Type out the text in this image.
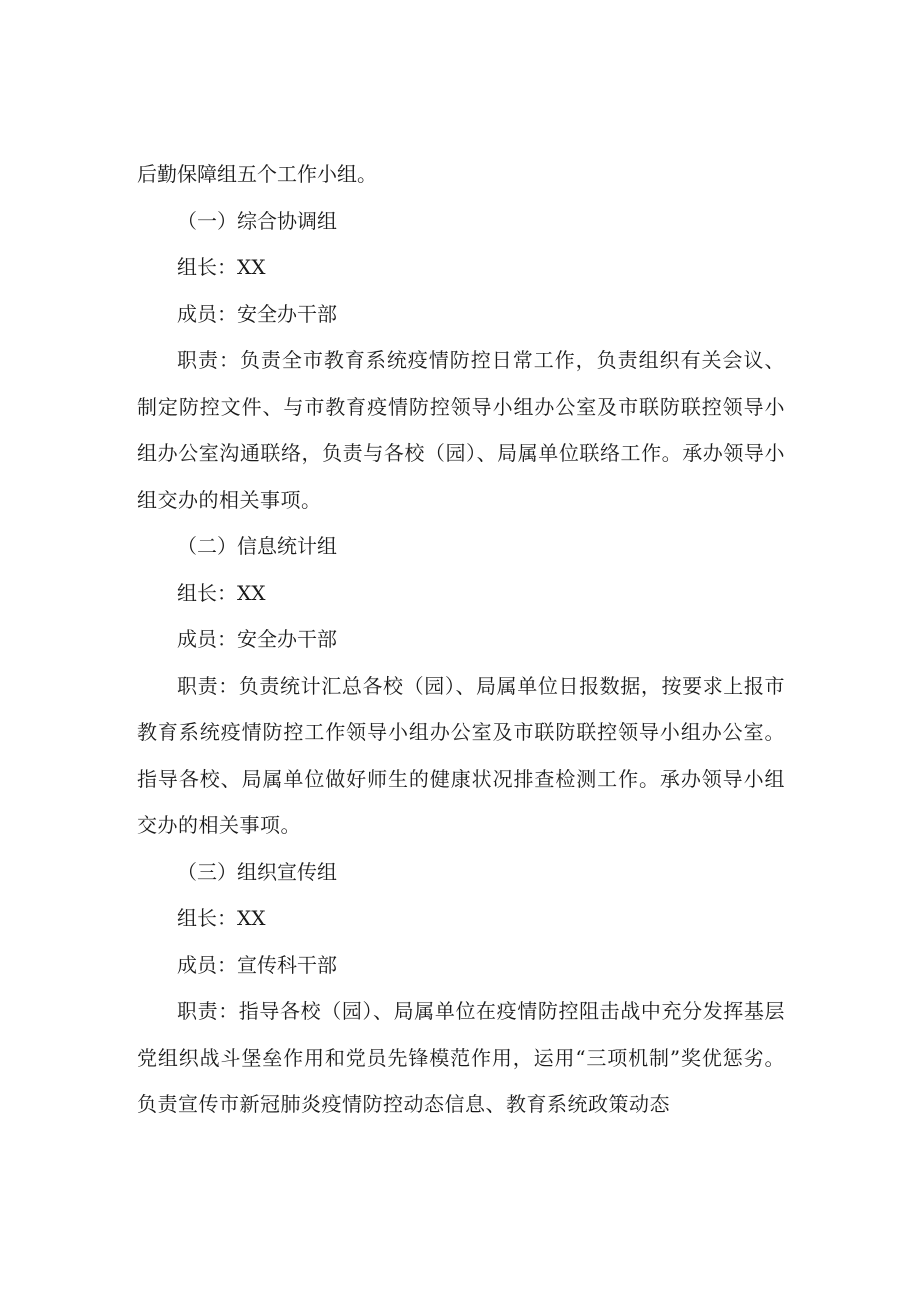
后勤保障组五个工作小组。

（一）综合协调组

组长：XX

成员：安全办干部

职责：负责全市教育系统疫情防控日常工作，负责组织有关会议、制定防控文件、与市教育疫情防控领导小组办公室及市联防联控领导小组办公室沟通联络，负责与各校（园）、局属单位联络工作。承办领导小组交办的相关事项。

（二）信息统计组

组长：XX

成员：安全办干部

职责：负责统计汇总各校（园）、局属单位日报数据，按要求上报市教育系统疫情防控工作领导小组办公室及市联防联控领导小组办公室。指导各校、局属单位做好师生的健康状况排查检测工作。承办领导小组交办的相关事项。

（三）组织宣传组

组长：XX

成员：宣传科干部

职责：指导各校（园）、局属单位在疫情防控阻击战中充分发挥基层党组织战斗堡垒作用和党员先锋模范作用，运用“三项机制”奖优惩劣。负责宣传市新冠肺炎疫情防控动态信息、教育系统政策动态
